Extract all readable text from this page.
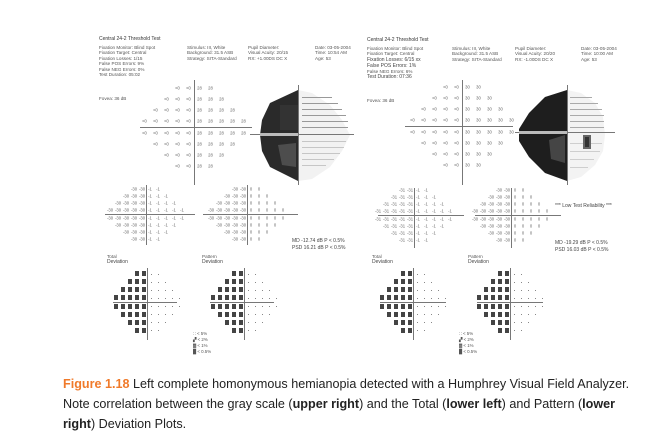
Central 24-2 Threshold Test
Fixation Monitor: Blind Spot
Fixation Target: Central
Fixation Losses: 1/15
False POS Errors: 9%
False NEG Errors: 0%
Test Duration: 05:02
Fovea: 36 dB
Stimulus: III, White
Background: 31.5 ASB
Strategy: SITA-Standard
Pupil Diameter:
Visual Acuity: 20/15
RX: +1.00DS DC X
Date: 03-05-2004
Time: 10:54 AM
Age: 53
<0 <0 28 28
<0 <0 <0 28 28 28
<0 <0 <0 <0 28 28 28 28
<0 <0 <0 <0 <0 28 28 28 28 28
<0 <0 <0 <0 <0 28 28 28 28 28
<0 <0 <0 <0 28 28 28 28
<0 <0 <0 28 28 28
<0 <0 28 28
-30 -30 -1 -1
-30 -30 -30 -1 -1 -1
-30 -30 -30 -30 -1 -1 -1 -1
-30 -30 -30 -30 -30 -1 -1 -1 -1 -1
-30 -30 -30 -30 -30 -1 -1 -1 -1 -1
-30 -30 -30 -30 -1 -1 -1 -1
-30 -30 -30 -1 -1 -1
-30 -30 -1 -1
-30 -30 0 0
-30 -30 -30 0 0 0
-30 -30 -30 -30 0 0 0 0
-30 -30 -30 -30 -30 0 0 0 0 0
-30 -30 -30 -30 -30 0 0 0 0 0
-30 -30 -30 -30 0 0 0 0
-30 -30 -30 0 0 0
-30 -30 0 0	MD -12.74 dB P < 0.5%
PSD 16.21 dB P < 0.5%
Total
Deviation
Pattern
Deviation
∷ < 5%
▞ < 2%
▓ < 1%
█ < 0.5%
Central 24-2 Threshold Test
Fixation Monitor: Blind Spot
Fixation Target: Central
Fixation Losses: 6/15 xx
False POS Errors: 1%
False NEG Errors: 6%
Test Duration: 07:36
Fovea: 36 dB
Stimulus: III, White
Background: 31.5 ASB
Strategy: SITA-Standard
Pupil Diameter:
Visual Acuity: 20/20
RX: -1.00DS DC X
Date: 03-05-2004
Time: 10:00 AM
Age: 53
<0 <0 30 30
<0 <0 <0 30 30 30
<0 <0 <0 <0 30 30 30 30
<0 <0 <0 <0 <0 30 30 30 30 30
<0 <0 <0 <0 <0 30 30 30 30 30
<0 <0 <0 <0 30 30 30 30
<0 <0 <0 30 30 30
<0 <0 30 30
-31 -31 -1 -1
-31 -31 -31 -1 -1 -1
-31 -31 -31 -31 -1 -1 -1 -1
-31 -31 -31 -31 -31 -1 -1 -1 -1 -1
-31 -31 -31 -31 -31 -1 -1 -1 -1 -1
-31 -31 -31 -31 -1 -1 -1 -1
-31 -31 -31 -1 -1 -1
-31 -31 -1 -1
-30 -30 0 0
-30 -30 -30 0 0 0
-30 -30 -30 -30 0 0 0 0
-30 -30 -30 -30 -30 0 0 0 0 0
-30 -30 -30 -30 -30 0 0 0 0 0
-30 -30 -30 -30 0 0 0 0
-30 -30 -30 0 0 0
-30 -30 0 0
*** Low Test Reliability ***
MD -19.29 dB P < 0.5%
PSD 16.03 dB P < 0.5%
Total
Deviation
Pattern
Deviation
∷ < 5%
▞ < 2%
▓ < 1%
█ < 0.5%
Figure 1.18 Left complete homonymous hemianopia detected with a Humphrey Visual Field Analyzer. Note correlation between the gray scale (upper right) and the Total (lower left) and Pattern (lower right) Deviation Plots.
